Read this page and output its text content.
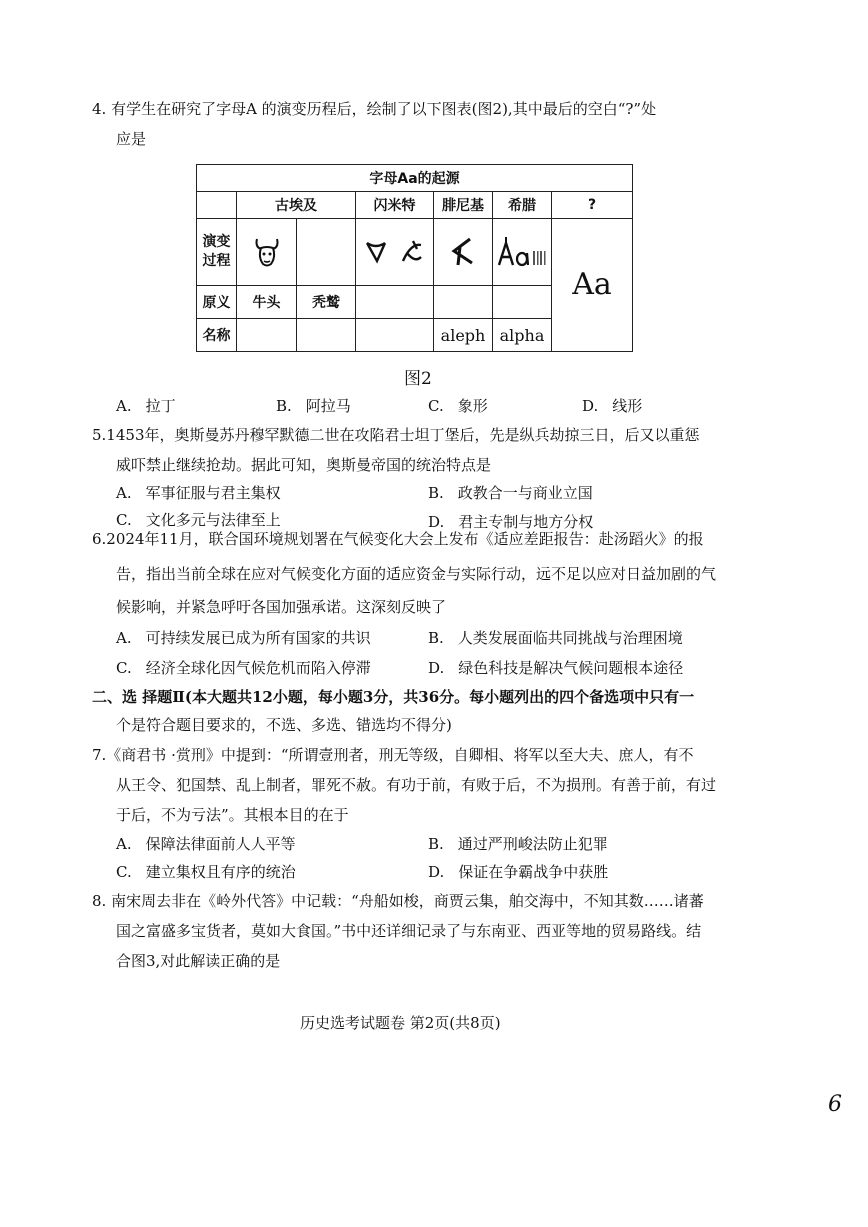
4. 有学生在研究了字母A 的演变历程后，绘制了以下图表(图2),其中最后的空白“?”处
应是
字母Aa的起源						
	古埃及		闪米特	腓尼基	希腊	?
演变过程						Aa
原义	牛头	秃鹫				
名称				aleph	alpha	
图2
A. 拉丁	B. 阿拉马	C. 象形	D. 线形
5.1453年，奥斯曼苏丹穆罕默德二世在攻陷君士坦丁堡后，先是纵兵劫掠三日，后又以重惩
威吓禁止继续抢劫。据此可知，奥斯曼帝国的统治特点是
A. 军事征服与君主集权	B. 政教合一与商业立国
C. 文化多元与法律至上	D. 君主专制与地方分权
6.2024年11月，联合国环境规划署在气候变化大会上发布《适应差距报告：赴汤蹈火》的报
告，指出当前全球在应对气候变化方面的适应资金与实际行动，远不足以应对日益加剧的气
候影响，并紧急呼吁各国加强承诺。这深刻反映了
A. 可持续发展已成为所有国家的共识	B. 人类发展面临共同挑战与治理困境
C. 经济全球化因气候危机而陷入停滞	D. 绿色科技是解决气候问题根本途径
二、选 择题Ⅱ(本大题共12小题，每小题3分，共36分。每小题列出的四个备选项中只有一
个是符合题目要求的，不选、多选、错选均不得分)
7.《商君书 ·赏刑》中提到：“所谓壹刑者，刑无等级，自卿相、将军以至大夫、庶人，有不
从王令、犯国禁、乱上制者，罪死不赦。有功于前，有败于后，不为损刑。有善于前，有过
于后，不为亏法”。其根本目的在于
A. 保障法律面前人人平等	B. 通过严刑峻法防止犯罪
C. 建立集权且有序的统治	D. 保证在争霸战争中获胜
8. 南宋周去非在《岭外代答》中记载：“舟船如梭，商贾云集，舶交海中，不知其数……诸蕃
国之富盛多宝货者，莫如大食国。”书中还详细记录了与东南亚、西亚等地的贸易路线。结
合图3,对此解读正确的是
历史选考试题卷 第2页(共8页)
6
